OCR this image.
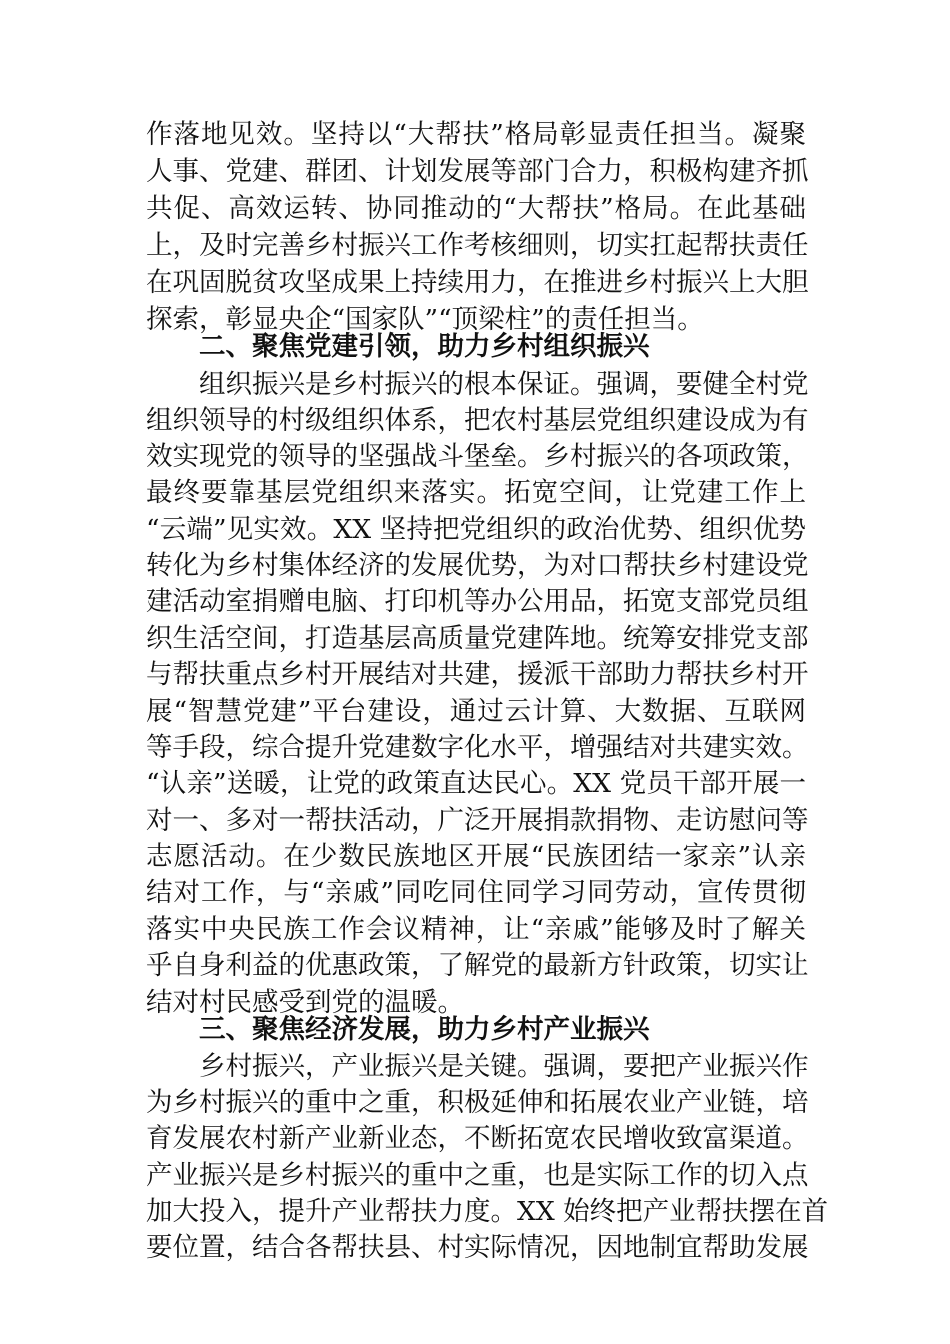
作落地见效。坚持以“大帮扶”格局彰显责任担当。凝聚
人事、党建、群团、计划发展等部门合力，积极构建齐抓
共促、高效运转、协同推动的“大帮扶”格局。在此基础
上，及时完善乡村振兴工作考核细则，切实扛起帮扶责任
在巩固脱贫攻坚成果上持续用力，在推进乡村振兴上大胆
探索，彰显央企“国家队”“顶梁柱”的责任担当。
二、聚焦党建引领，助力乡村组织振兴
组织振兴是乡村振兴的根本保证。强调，要健全村党
组织领导的村级组织体系，把农村基层党组织建设成为有
效实现党的领导的坚强战斗堡垒。乡村振兴的各项政策，
最终要靠基层党组织来落实。拓宽空间，让党建工作上
“云端”见实效。XX 坚持把党组织的政治优势、组织优势
转化为乡村集体经济的发展优势，为对口帮扶乡村建设党
建活动室捐赠电脑、打印机等办公用品，拓宽支部党员组
织生活空间，打造基层高质量党建阵地。统筹安排党支部
与帮扶重点乡村开展结对共建，援派干部助力帮扶乡村开
展“智慧党建”平台建设，通过云计算、大数据、互联网
等手段，综合提升党建数字化水平，增强结对共建实效。
“认亲”送暖，让党的政策直达民心。XX 党员干部开展一
对一、多对一帮扶活动，广泛开展捐款捐物、走访慰问等
志愿活动。在少数民族地区开展“民族团结一家亲”认亲
结对工作，与“亲戚”同吃同住同学习同劳动，宣传贯彻
落实中央民族工作会议精神，让“亲戚”能够及时了解关
乎自身利益的优惠政策，了解党的最新方针政策，切实让
结对村民感受到党的温暖。
三、聚焦经济发展，助力乡村产业振兴
乡村振兴，产业振兴是关键。强调，要把产业振兴作
为乡村振兴的重中之重，积极延伸和拓展农业产业链，培
育发展农村新产业新业态，不断拓宽农民增收致富渠道。
产业振兴是乡村振兴的重中之重，也是实际工作的切入点
加大投入，提升产业帮扶力度。XX 始终把产业帮扶摆在首
要位置，结合各帮扶县、村实际情况，因地制宜帮助发展
